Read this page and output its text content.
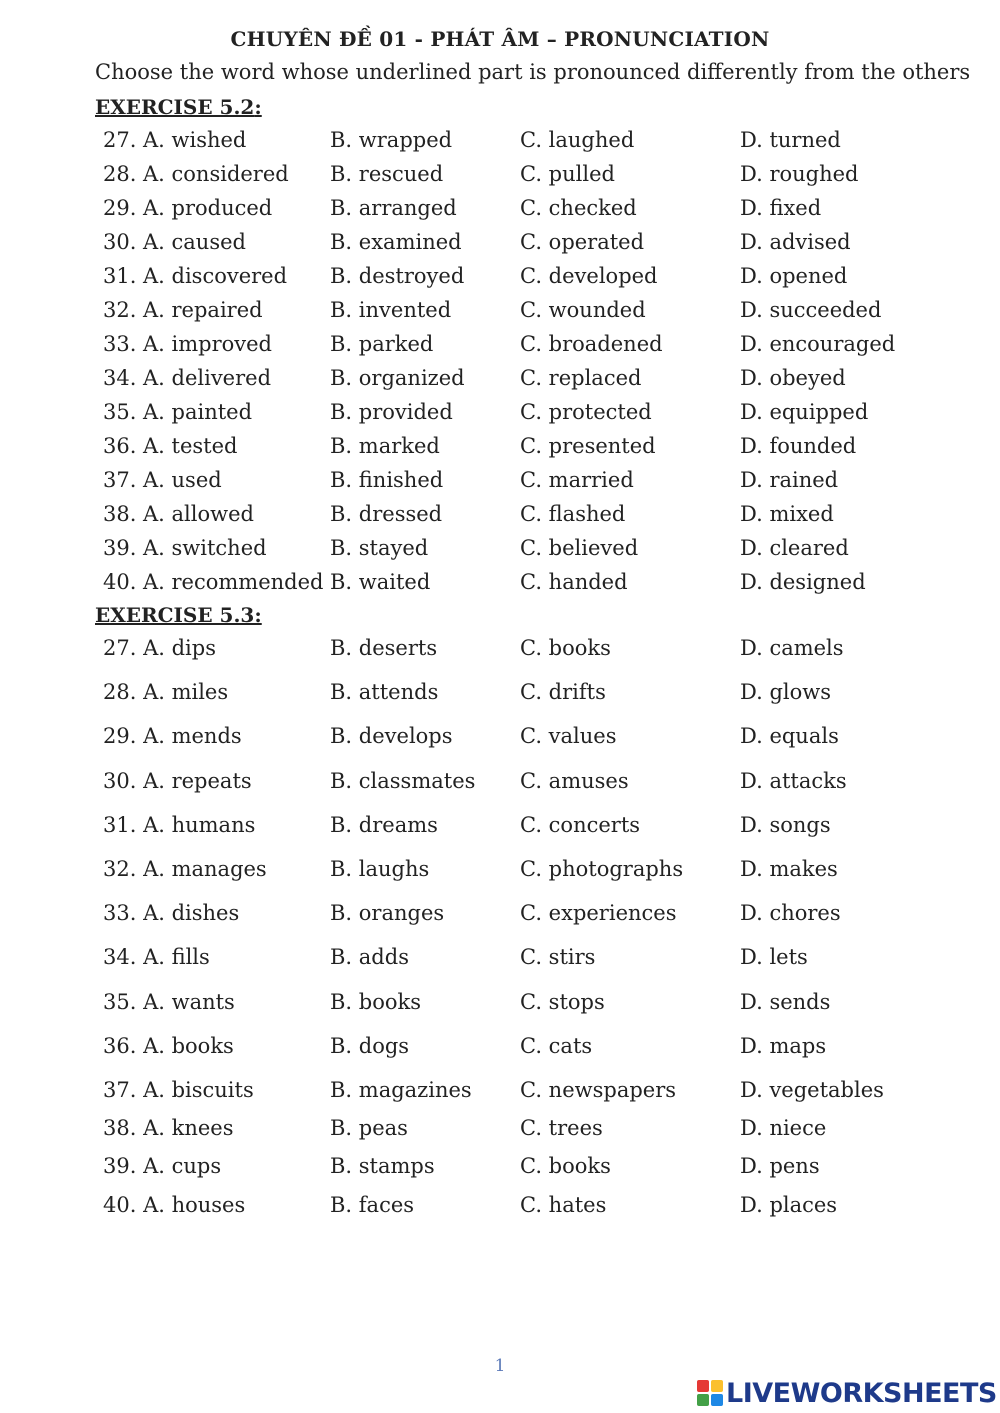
CHUYÊN ĐỀ 01 - PHÁT ÂM – PRONUNCIATION
Choose the word whose underlined part is pronounced differently from the others
EXERCISE 5.2:
27. A. wished	B. wrapped	C. laughed	D. turned
28. A. considered B. rescued	C. pulled	D. roughed
29. A. produced	B. arranged	C. checked	D. fixed
30. A. caused	B. examined	C. operated	D. advised
31. A. discovered B. destroyed	C. developed	D. opened
32. A. repaired	B. invented	C. wounded	D. succeeded
33. A. improved	B. parked	C. broadened	D. encouraged
34. A. delivered	B. organized	C. replaced	D. obeyed
35. A. painted	B. provided	C. protected	D. equipped
36. A. tested	B. marked	C. presented	D. founded
37. A. used	B. finished	C. married	D. rained
38. A. allowed	B. dressed	C. flashed	D. mixed
39. A. switched	B. stayed	C. believed	D. cleared
40. A. recommended B. waited	C. handed	D. designed
EXERCISE 5.3:
27. A. dips	B. deserts	C. books	D. camels
28. A. miles	B. attends	C. drifts	D. glows
29. A. mends	B. develops	C. values	D. equals
30. A. repeats	B. classmates C. amuses	D. attacks
31. A. humans	B. dreams	C. concerts	D. songs
32. A. manages	B. laughs	C. photographs	D. makes
33. A. dishes	B. oranges	C. experiences	D. chores
34. A. fills	B. adds	C. stirs	D. lets
35. A. wants	B. books	C. stops	D. sends
36. A. books	B. dogs	C. cats	D. maps
37. A. biscuits	B. magazines C. newspapers	D. vegetables
38. A. knees	B. peas	C. trees	D. niece
39. A. cups	B. stamps	C. books	D. pens
40. A. houses	B. faces	C. hates	D. places
1
LIVEWORKSHEETS
